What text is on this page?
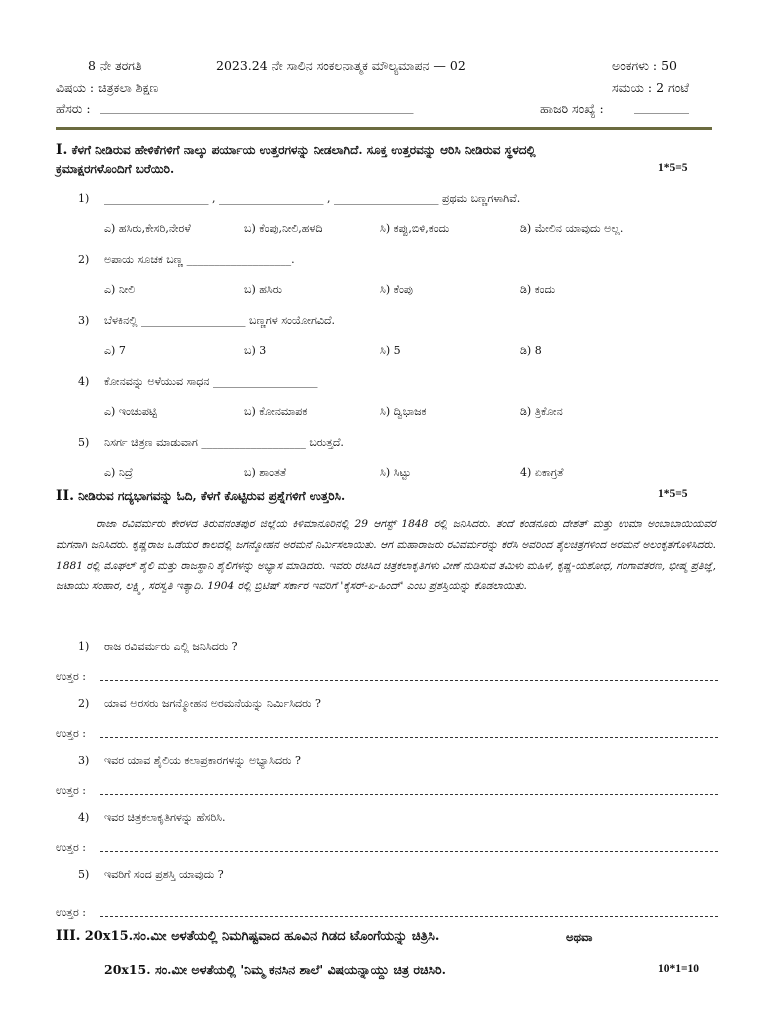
8 ನೇ ತರಗತಿ	2023.24 ನೇ ಸಾಲಿನ ಸಂಕಲನಾತ್ಮಕ ಮೌಲ್ಯಮಾಪನ — 02	ಅಂಕಗಳು : 50
ವಿಷಯ : ಚಿತ್ರಕಲಾ ಶಿಕ್ಷಣ	ಸಮಯ : 2 ಗಂಟೆ
ಹೆಸರು : _________________________________________________________	ಹಾಜರಿ ಸಂಖ್ಯೆ :	__________
I. ಕೆಳಗೆ ನೀಡಿರುವ ಹೇಳಿಕೆಗಳಿಗೆ ನಾಲ್ಕು ಪರ್ಯಾಯ ಉತ್ತರಗಳನ್ನು ನೀಡಲಾಗಿದೆ. ಸೂಕ್ತ ಉತ್ತರವನ್ನು ಆರಿಸಿ ನೀಡಿರುವ ಸ್ಥಳದಲ್ಲಿ
ಕ್ರಮಾಕ್ಷರಗಳೊಂದಿಗೆ ಬರೆಯಿರಿ.	1*5=5
1) ___________________ , ___________________ , ___________________ ಪ್ರಥಮ ಬಣ್ಣಗಳಾಗಿವೆ.
ಎ) ಹಸಿರು,ಕೇಸರಿ,ನೇರಳೆ	ಬ) ಕೆಂಪು,ನೀಲಿ,ಹಳದಿ	ಸಿ) ಕಪ್ಪು,ಬಿಳಿ,ಕಂದು	ಡಿ) ಮೇಲಿನ ಯಾವುದು ಅಲ್ಲ.
2) ಅಪಾಯ ಸೂಚಕ ಬಣ್ಣ ___________________.
ಎ) ನೀಲಿ	ಬ) ಹಸಿರು	ಸಿ) ಕೆಂಪು	ಡಿ) ಕಂದು
3) ಬೆಳಕಿನಲ್ಲಿ ___________________ ಬಣ್ಣಗಳ ಸಂಯೋಗವಿದೆ.
ಎ) 7	ಬ) 3	ಸಿ) 5	ಡಿ) 8
4) ಕೋನವನ್ನು ಅಳೆಯುವ ಸಾಧನ ___________________
ಎ) ಇಂಚುಪಟ್ಟಿ	ಬ) ಕೋನಮಾಪಕ	ಸಿ) ದ್ವಿಭಾಜಕ	ಡಿ) ತ್ರಿಕೋನ
5) ನಿಸರ್ಗ ಚಿತ್ರಣ ಮಾಡುವಾಗ ___________________ ಬರುತ್ತದೆ.
ಎ) ನಿದ್ರೆ	ಬ) ಶಾಂತತೆ	ಸಿ) ಸಿಟ್ಟು	4) ಏಕಾಗ್ರತೆ
II. ನೀಡಿರುವ ಗದ್ಯಭಾಗವನ್ನು ಓದಿ, ಕೆಳಗೆ ಕೊಟ್ಟಿರುವ ಪ್ರಶ್ನೆಗಳಿಗೆ ಉತ್ತರಿಸಿ.	1*5=5
ರಾಜಾ ರವಿವರ್ಮರು ಕೇರಳದ ತಿರುವನಂತಪುರ ಜಿಲ್ಲೆಯ ಕಿಳಿಮಾನೂರಿನಲ್ಲಿ 29 ಆಗಸ್ಟ್ 1848 ರಲ್ಲಿ ಜನಿಸಿದರು. ತಂದೆ ಕಂಡನೂರು ದೇಶತ್ ಮತ್ತು ಉಮಾ ಅಂಬಾಬಾಯಿಯವರ ಮಗನಾಗಿ ಜನಿಸಿದರು. ಕೃಷ್ಣರಾಜ ಒಡೆಯರ ಕಾಲದಲ್ಲಿ ಜಗನ್ಮೋಹನ ಅರಮನೆ ನಿರ್ಮಿಸಲಾಯಿತು. ಆಗ ಮಹಾರಾಜರು ರವಿವರ್ಮರನ್ನು ಕರೆಸಿ ಅವರಿಂದ ತೈಲಚಿತ್ರಗಳಿಂದ ಅರಮನೆ ಅಲಂಕೃತಗೊಳಿಸಿದರು. 1881 ರಲ್ಲಿ ಮೊಘಲ್ ಶೈಲಿ ಮತ್ತು ರಾಜಸ್ಥಾನಿ ಶೈಲಿಗಳನ್ನು ಅಭ್ಯಾಸ ಮಾಡಿದರು. ಇವರು ರಚಿಸಿದ ಚಿತ್ರಕಲಾಕೃತಿಗಳು ವೀಣೆ ನುಡಿಸುವ ತಮಿಳು ಮಹಿಳೆ, ಕೃಷ್ಣ-ಯಶೋಧ, ಗಂಗಾವತರಣ, ಭೀಷ್ಮ ಪ್ರತಿಜ್ಞೆ, ಜಟಾಯು ಸಂಹಾರ, ಲಕ್ಷ್ಮಿ, ಸರಸ್ವತಿ ಇತ್ಯಾದಿ. 1904 ರಲ್ಲಿ ಬ್ರಿಟಿಷ್ ಸರ್ಕಾರ ಇವರಿಗೆ 'ಕೈಸರ್-ಏ-ಹಿಂದ್' ಎಂಬ ಪ್ರಶಸ್ತಿಯನ್ನು ಕೊಡಲಾಯಿತು.
1) ರಾಜ ರವಿವರ್ಮರು ಎಲ್ಲಿ ಜನಿಸಿದರು ?
ಉತ್ತರ :
2) ಯಾವ ಅರಸರು ಜಗನ್ಮೋಹನ ಅರಮನೆಯನ್ನು ನಿರ್ಮಿಸಿದರು ?
ಉತ್ತರ :
3) ಇವರ ಯಾವ ಶೈಲಿಯ ಕಲಾಪ್ರಕಾರಗಳನ್ನು ಅಭ್ಯಾಸಿದರು ?
ಉತ್ತರ :
4) ಇವರ ಚಿತ್ರಕಲಾಕೃತಿಗಳನ್ನು ಹೆಸರಿಸಿ.
ಉತ್ತರ :
5) ಇವರಿಗೆ ಸಂದ ಪ್ರಶಸ್ತಿ ಯಾವುದು ?
ಉತ್ತರ :
III. 20x15.ಸಂ.ಮೀ ಅಳತೆಯಲ್ಲಿ ನಿಮಗಿಷ್ಟವಾದ ಹೂವಿನ ಗಿಡದ ಟೊಂಗೆಯನ್ನು ಚಿತ್ರಿಸಿ.	ಅಥವಾ
20x15. ಸಂ.ಮೀ ಅಳತೆಯಲ್ಲಿ 'ನಿಮ್ಮ ಕನಸಿನ ಶಾಲೆ' ವಿಷಯನ್ನಾಯ್ದು ಚಿತ್ರ ರಚಿಸಿರಿ.	10*1=10
